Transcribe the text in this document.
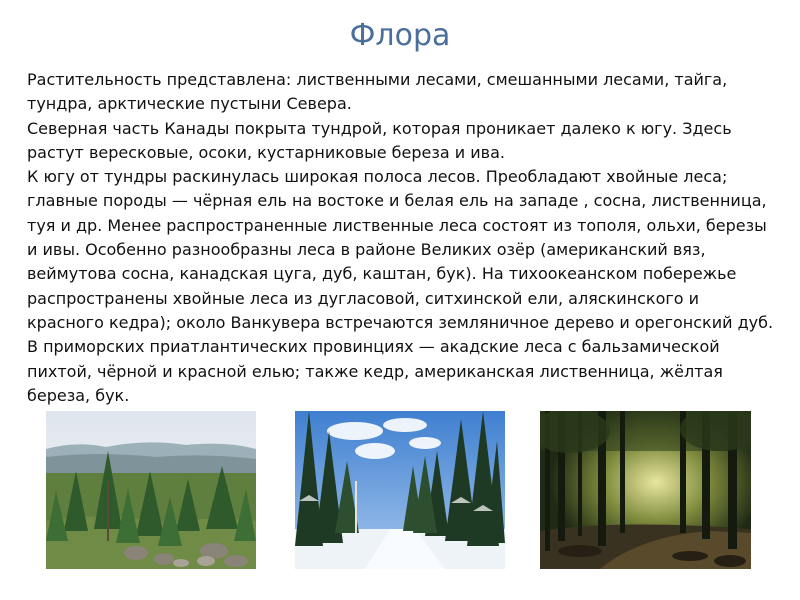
Флора

Растительность представлена: лиственными лесами, смешанными лесами, тайга, тундра, арктические пустыни Севера.

Северная часть Канады покрыта тундрой, которая проникает далеко к югу. Здесь растут вересковые, осоки, кустарниковые береза и ива.

К югу от тундры раскинулась широкая полоса лесов. Преобладают хвойные леса; главные породы — чёрная ель на востоке и белая ель на западе , сосна, лиственница, туя и др. Менее распространенные лиственные леса состоят из тополя, ольхи, березы и ивы. Особенно разнообразны леса в районе Великих озёр (американский вяз, веймутова сосна, канадская цуга, дуб, каштан, бук). На тихоокеанском побережье распространены хвойные леса из дугласовой, ситхинской ели, аляскинского и красного кедра); около Ванкувера встречаются земляничное дерево и орегонский дуб. В приморских приатлантических провинциях — акадские леса с бальзамической пихтой, чёрной и красной елью; также кедр, американская лиственница, жёлтая береза, бук.
